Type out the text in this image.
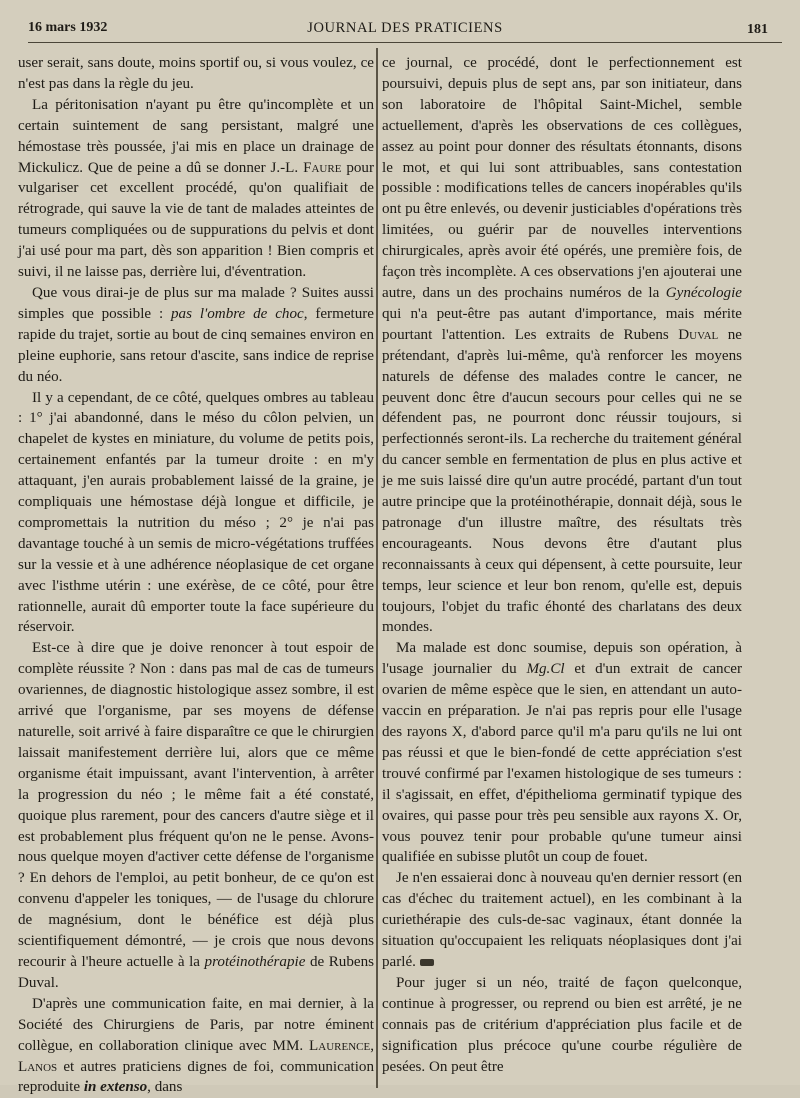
16 mars 1932	JOURNAL DES PRATICIENS	181

user serait, sans doute, moins sportif ou, si vous voulez, ce n'est pas dans la règle du jeu.

La péritonisation n'ayant pu être qu'incomplète et un certain suintement de sang persistant, malgré une hémostase très poussée, j'ai mis en place un drainage de Mickulicz. Que de peine a dû se donner J.-L. Faure pour vulgariser cet excellent procédé, qu'on qualifiait de rétrograde, qui sauve la vie de tant de malades atteintes de tumeurs compliquées ou de suppurations du pelvis et dont j'ai usé pour ma part, dès son apparition ! Bien compris et suivi, il ne laisse pas, derrière lui, d'éventration.

Que vous dirai-je de plus sur ma malade ? Suites aussi simples que possible : pas l'ombre de choc, fermeture rapide du trajet, sortie au bout de cinq semaines environ en pleine euphorie, sans retour d'ascite, sans indice de reprise du néo.

Il y a cependant, de ce côté, quelques ombres au tableau : 1° j'ai abandonné, dans le méso du côlon pelvien, un chapelet de kystes en miniature, du volume de petits pois, certainement enfantés par la tumeur droite : en m'y attaquant, j'en aurais probablement laissé de la graine, je compliquais une hémostase déjà longue et difficile, je compromettais la nutrition du méso ; 2° je n'ai pas davantage touché à un semis de micro-végétations truffées sur la vessie et à une adhérence néoplasique de cet organe avec l'isthme utérin : une exérèse, de ce côté, pour être rationnelle, aurait dû emporter toute la face supérieure du réservoir.

Est-ce à dire que je doive renoncer à tout espoir de complète réussite ? Non : dans pas mal de cas de tumeurs ovariennes, de diagnostic histologique assez sombre, il est arrivé que l'organisme, par ses moyens de défense naturelle, soit arrivé à faire disparaître ce que le chirurgien laissait manifestement derrière lui, alors que ce même organisme était impuissant, avant l'intervention, à arrêter la progression du néo ; le même fait a été constaté, quoique plus rarement, pour des cancers d'autre siège et il est probablement plus fréquent qu'on ne le pense. Avons-nous quelque moyen d'activer cette défense de l'organisme ? En dehors de l'emploi, au petit bonheur, de ce qu'on est convenu d'appeler les toniques, — de l'usage du chlorure de magnésium, dont le bénéfice est déjà plus scientifiquement démontré, — je crois que nous devons recourir à l'heure actuelle à la protéinothérapie de Rubens Duval.

D'après une communication faite, en mai dernier, à la Société des Chirurgiens de Paris, par notre éminent collègue, en collaboration clinique avec MM. Laurence, Lanos et autres praticiens dignes de foi, communication reproduite in extenso, dans

ce journal, ce procédé, dont le perfectionnement est poursuivi, depuis plus de sept ans, par son initiateur, dans son laboratoire de l'hôpital Saint-Michel, semble actuellement, d'après les observations de ces collègues, assez au point pour donner des résultats étonnants, disons le mot, et qui lui sont attribuables, sans contestation possible : modifications telles de cancers inopérables qu'ils ont pu être enlevés, ou devenir justiciables d'opérations très limitées, ou guérir par de nouvelles interventions chirurgicales, après avoir été opérés, une première fois, de façon très incomplète. A ces observations j'en ajouterai une autre, dans un des prochains numéros de la Gynécologie qui n'a peut-être pas autant d'importance, mais mérite pourtant l'attention. Les extraits de Rubens Duval ne prétendant, d'après lui-même, qu'à renforcer les moyens naturels de défense des malades contre le cancer, ne peuvent donc être d'aucun secours pour celles qui ne se défendent pas, ne pourront donc réussir toujours, si perfectionnés seront-ils. La recherche du traitement général du cancer semble en fermentation de plus en plus active et je me suis laissé dire qu'un autre procédé, partant d'un tout autre principe que la protéinothérapie, donnait déjà, sous le patronage d'un illustre maître, des résultats très encourageants. Nous devons être d'autant plus reconnaissants à ceux qui dépensent, à cette poursuite, leur temps, leur science et leur bon renom, qu'elle est, depuis toujours, l'objet du trafic éhonté des charlatans des deux mondes.

Ma malade est donc soumise, depuis son opération, à l'usage journalier du Mg.Cl et d'un extrait de cancer ovarien de même espèce que le sien, en attendant un auto-vaccin en préparation. Je n'ai pas repris pour elle l'usage des rayons X, d'abord parce qu'il m'a paru qu'ils ne lui ont pas réussi et que le bien-fondé de cette appréciation s'est trouvé confirmé par l'examen histologique de ses tumeurs : il s'agissait, en effet, d'épithelioma germinatif typique des ovaires, qui passe pour très peu sensible aux rayons X. Or, vous pouvez tenir pour probable qu'une tumeur ainsi qualifiée en subisse plutôt un coup de fouet.

Je n'en essaierai donc à nouveau qu'en dernier ressort (en cas d'échec du traitement actuel), en les combinant à la curiethérapie des culs-de-sac vaginaux, étant donnée la situation qu'occupaient les reliquats néoplasiques dont j'ai parlé.

Pour juger si un néo, traité de façon quelconque, continue à progresser, ou reprend ou bien est arrêté, je ne connais pas de critérium d'appréciation plus facile et de signification plus précoce qu'une courbe régulière de pesées. On peut être
